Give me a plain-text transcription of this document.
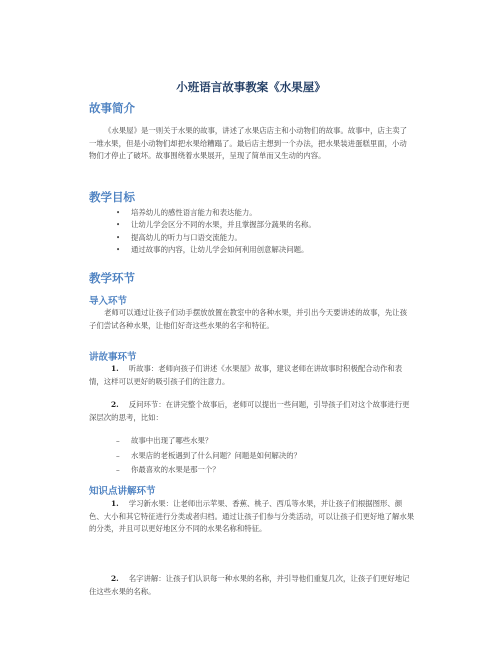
小班语言故事教案《水果屋》
故事简介

《水果屋》是一则关于水果的故事，讲述了水果店店主和小动物们的故事。故事中，店主卖了一堆水果，但是小动物们却把水果给糟蹋了。最后店主想到一个办法，把水果装进蛋糕里面，小动物们才停止了破坏。故事围绕着水果展开，呈现了简单而又生动的内容。

教学目标
• 培养幼儿的感性语言能力和表达能力。
• 让幼儿学会区分不同的水果，并且掌握部分蔬果的名称。
• 提高幼儿的听力与口语交流能力。
• 通过故事的内容，让幼儿学会如何利用创意解决问题。
教学环节
导入环节

老师可以通过让孩子们动手摆放放置在教室中的各种水果，并引出今天要讲述的故事，先让孩子们尝试各种水果，让他们好奇这些水果的名字和特征。

讲故事环节

1. 听故事：老师向孩子们讲述《水果屋》故事，建议老师在讲故事时积极配合动作和表情，这样可以更好的吸引孩子们的注意力。

2. 反问环节：在讲完整个故事后，老师可以提出一些问题，引导孩子们对这个故事进行更深层次的思考，比如：

– 故事中出现了哪些水果？
– 水果店的老板遇到了什么问题？问题是如何解决的？
– 你最喜欢的水果是那一个？
知识点讲解环节

1. 学习新水果：让老师出示苹果、香蕉、桃子、西瓜等水果，并让孩子们根据图形、颜色、大小和其它特征进行分类或者归档。通过让孩子们参与分类活动，可以让孩子们更好地了解水果的分类，并且可以更好地区分不同的水果名称和特征。

2. 名字讲解：让孩子们认识每一种水果的名称，并引导他们重复几次，让孩子们更好地记住这些水果的名称。
